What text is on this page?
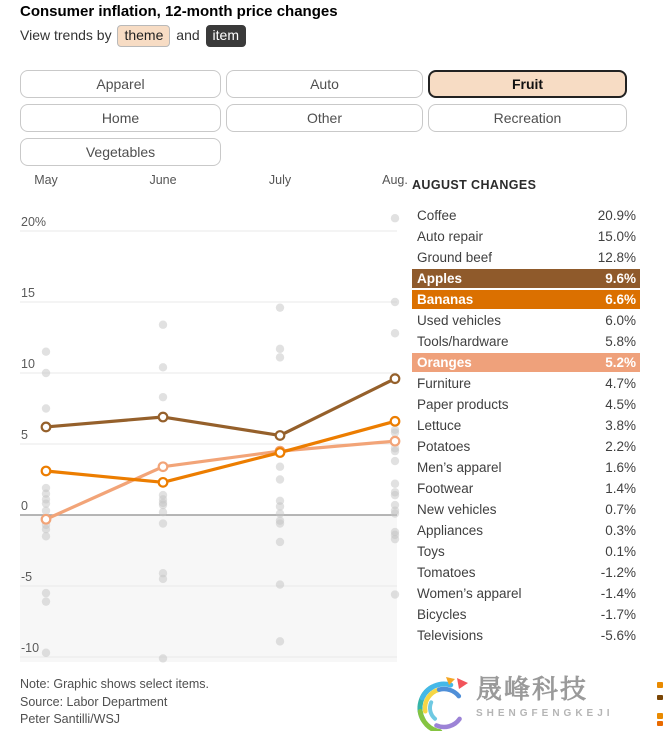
Consumer inflation, 12-month price changes
View trends by theme and item
Apparel	Auto	Fruit
Home	Other	Recreation
Vegetables
May	June	July	Aug.
20%
15
10
5
0
-5
-10
AUGUST CHANGES
Coffee	20.9%
Auto repair	15.0%
Ground beef	12.8%
Apples	9.6%
Bananas	6.6%
Used vehicles	6.0%
Tools/hardware	5.8%
Oranges	5.2%
Furniture	4.7%
Paper products	4.5%
Lettuce	3.8%
Potatoes	2.2%
Men’s apparel	1.6%
Footwear	1.4%
New vehicles	0.7%
Appliances	0.3%
Toys	0.1%
Tomatoes	-1.2%
Women’s apparel	-1.4%
Bicycles	-1.7%
Televisions	-5.6%
Note: Graphic shows select items.
Source: Labor Department
Peter Santilli/WSJ
晟峰科技
SHENGFENGKEJI
